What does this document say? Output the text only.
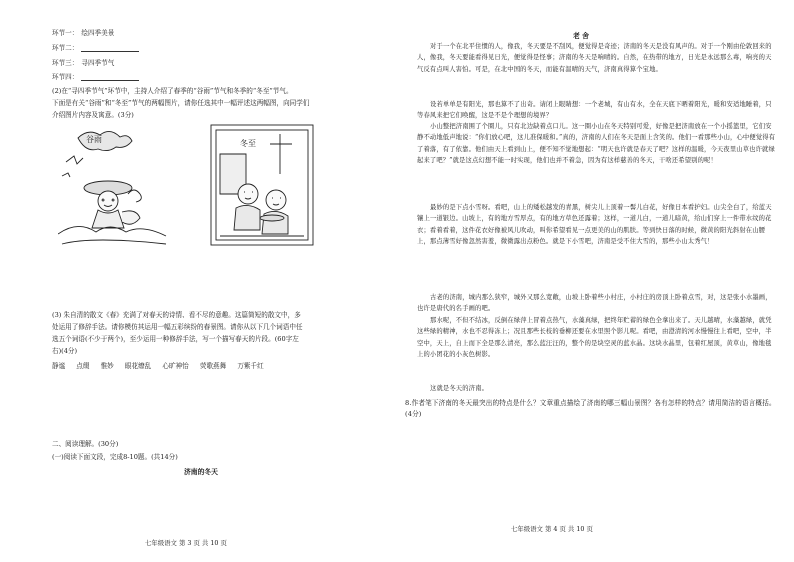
环节一： 绘四季美景
环节二：
环节三： 寻四季节气
环节四：
(2)在“寻四季节气”环节中，主持人介绍了春季的“谷雨”节气和冬季的“冬至”节气。
下面是有关“谷雨”和“冬至”节气的两幅图片，请你任选其中一幅评述这两幅图，向同学们
介绍图片内容及寓意。(3分)
谷雨	冬至
(3) 朱自清的散文《春》充满了对春天的诗情、看不尽的意趣。这篇简短的散文中，多
处运用了修辞手法。请你模仿其运用一幅五彩缤纷的春景图。请你从以下几个词语中任
选五个词语(不少于两个)，至少运用一种修辞手法，写一个描写春天的片段。(60字左
右)(4分)
静谧 点缀 惟妙 眼花缭乱 心旷神怡 荧歌燕舞 万紫千红
二、阅读理解。(30分)
(一)阅读下面文段，完成8-10题。(共14分)
济南的冬天
七年级语文 第 3 页 共 10 页
老 舍
对于一个在北平住惯的人，像我，冬天要是不刮风，便觉得是奇迹；济南的冬天是没有风声的。对于一个刚由伦敦回来的人，像我，冬天要能看得见日光，便觉得是怪事；济南的冬天是响晴的。自然，在热带的地方，日光是永远那么毒，响亮的天气反有点叫人害怕。可是，在北中国的冬天，而能有温晴的天气，济南真得算个宝地。
设若单单是有阳光，那也算不了出奇。请闭上眼睛想：一个老城，有山有水，全在天底下晒着阳光，暖和安适地睡着，只等春风来把它们唤醒，这是不是个理想的境界？
小山整把济南围了个圈儿，只有北边缺着点口儿。这一圈小山在冬天特别可爱，好像是把济南放在一个小摇篮里，它们安静不动地低声地说：“你们放心吧，这儿准保暖和。”真的，济南的人们在冬天是面上含笑的。他们一看那些小山，心中便觉得有了着落，有了依靠。他们由天上看到山上，便不知不觉地想起：“明天也许就是春天了吧？这样的温暖，今天夜里山草也许就绿起来了吧？”就是这点幻想不能一时实现，他们也并不着急，因为有这样慈善的冬天，干啥还希望别的呢！
最妙的是下点小雪呀。看吧，山上的矮松越发的青黑，树尖儿上顶着一髻儿白花，好像日本看护妇。山尖全白了，给蓝天镶上一道银边。山坡上，有的地方雪厚点，有的地方草色还露着；这样，一道儿白，一道儿暗黄，给山们穿上一件带水纹的花衣；看着看着，这件花衣好像被风儿吹动，叫你希望看见一点更美的山的肌肤。等到快日落的时候，微黄的阳光斜射在山腰上，那点薄雪好像忽然害羞，微微露出点粉色。就是下小雪吧，济南是受不住大雪的，那些小山太秀气！
古老的济南，城内那么狭窄，城外又那么宽敞，山坡上卧着些小村庄，小村庄的房顶上卧着点雪，对，这是张小水墨画，也许是唐代的名手画的吧。
那水呢，不但不结冰，反倒在绿萍上冒着点热气，水藻真绿，把终年贮蓄的绿色全拿出来了。天儿越晴，水藻越绿，就凭这些绿的精神，水也不忍得冻上；况且那些长枝的垂柳还要在水里照个影儿呢。看吧，由澄清的河水慢慢往上看吧，空中，半空中，天上，自上而下全是那么清亮，那么蓝汪汪的，整个的是块空灵的蓝水晶。这块水晶里，包着红屋顶，黄草山，像地毯上的小团花的小灰色树影。
这就是冬天的济南。
8.作者笔下济南的冬天最突出的特点是什么？文章重点描绘了济南的哪三幅山景图？各有怎样的特点？请用简洁的语言概括。(4分)
七年级语文 第 4 页 共 10 页
